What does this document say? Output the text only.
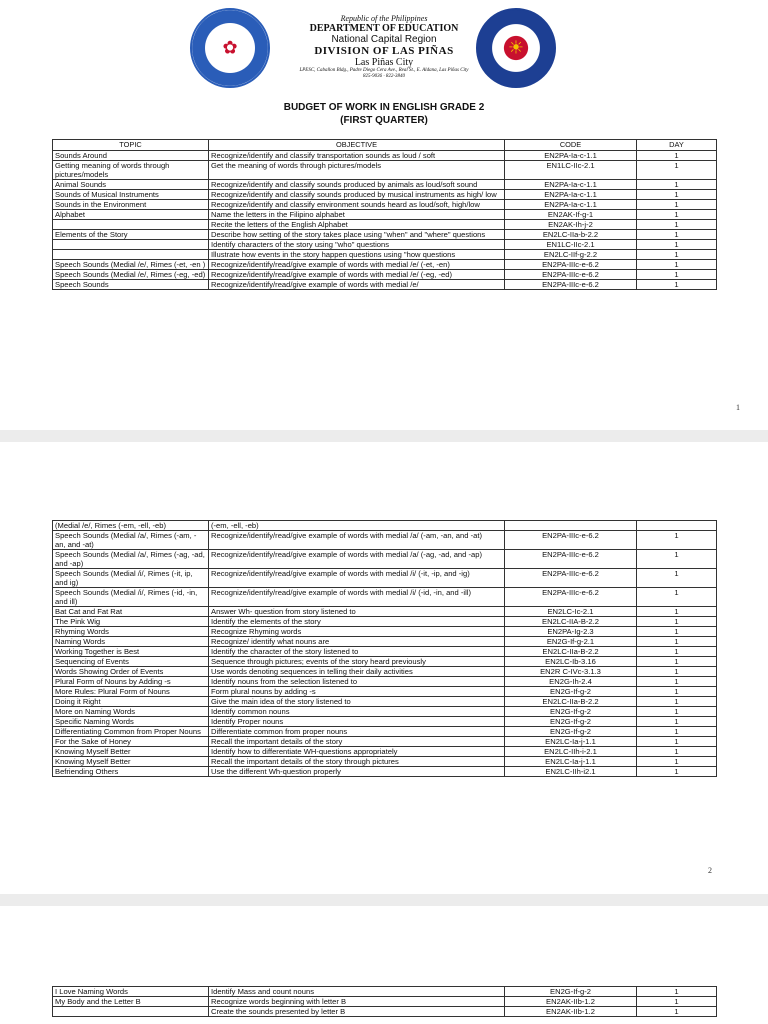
✿	☀
Republic of the Philippines
DEPARTMENT OF EDUCATION
National Capital Region
DIVISION OF LAS PIÑAS
Las Piñas City
LPESC, Caballon Bldg., Padre Diego Cera Ave., Real St., E. Aldana, Las Piñas City
825-9036 · 822-3840
BUDGET OF WORK IN ENGLISH GRADE 2
(FIRST QUARTER)
TOPIC	OBJECTIVE	CODE	DAY
Sounds Around	Recognize/identify and classify transportation sounds as loud / soft	EN2PA-Ia-c-1.1	1
Getting meaning of words through pictures/models	Get the meaning of words through pictures/models	EN1LC-IIc-2.1	1
Animal Sounds	Recognize/identify and classify sounds produced by animals as loud/soft sound	EN2PA-Ia-c-1.1	1
Sounds of Musical Instruments	Recognize/identify and classify sounds produced by musical instruments as high/ low	EN2PA-Ia-c-1.1	1
Sounds in the Environment	Recognize/identify and classify environment sounds heard as loud/soft, high/low	EN2PA-Ia-c-1.1	1
Alphabet	Name the letters in the Filipino alphabet	EN2AK-If-g-1	1
	Recite the letters of the English Alphabet	EN2AK-Ih-j-2	1
Elements of the Story	Describe how setting of the story takes place using "when" and "where" questions	EN2LC-IIa-b-2.2	1
	Identify characters of the story using "who" questions	EN1LC-IIc-2.1	1
	Illustrate how events in the story happen questions using "how questions	EN2LC-IIf-g-2.2	1
Speech Sounds (Medial /e/, Rimes (-et, -en )	Recognize/identify/read/give example of words with medial /e/ (-et, -en)	EN2PA-IIIc-e-6.2	1
Speech Sounds (Medial /e/, Rimes (-eg, -ed)	Recognize/identify/read/give example of words with medial /e/ (-eg, -ed)	EN2PA-IIIc-e-6.2	1
Speech Sounds	Recognize/identify/read/give example of words with medial /e/	EN2PA-IIIc-e-6.2	1
1
(Medial /e/, Rimes (-em, -ell, -eb)	(-em, -ell, -eb)		
Speech Sounds (Medial /a/, Rimes (-am, -an, and -at)	Recognize/identify/read/give example of words with medial /a/ (-am, -an, and -at)	EN2PA-IIIc-e-6.2	1
Speech Sounds (Medial /a/, Rimes (-ag, -ad, and -ap)	Recognize/identify/read/give example of words with medial /a/ (-ag, -ad, and -ap)	EN2PA-IIIc-e-6.2	1
Speech Sounds (Medial /i/, Rimes (-it, ip, and ig)	Recognize/identify/read/give example of words with medial /i/ (-it, -ip, and -ig)	EN2PA-IIIc-e-6.2	1
Speech Sounds (Medial /i/, Rimes (-id, -in, and ill)	Recognize/identify/read/give example of words with medial /i/ (-id, -in, and -ill)	EN2PA-IIIc-e-6.2	1
Bat Cat and Fat Rat	Answer Wh- question from story listened to	EN2LC-Ic-2.1	1
The Pink Wig	Identify the elements of the story	EN2LC-IIA-B-2.2	1
Rhyming Words	Recognize Rhyming words	EN2PA-Ig-2.3	1
Naming Words	Recognize/ identify what nouns are	EN2G-If-g-2.1	1
Working Together is Best	Identify the character of the story listened to	EN2LC-IIa-B-2.2	1
Sequencing of Events	Sequence through pictures; events of the story heard previously	EN2LC-Ib-3.16	1
Words Showing Order of Events	Use words denoting sequences in telling their daily activities	EN2R C-IVc-3.1.3	1
Plural Form of Nouns by Adding -s	Identify nouns from the selection listened to	EN2G-Ih-2.4	1
More Rules: Plural Form of Nouns	Form plural nouns by adding -s	EN2G-If-g-2	1
Doing it Right	Give the main idea of the story listened to	EN2LC-IIa-B-2.2	1
More on Naming Words	Identify common nouns	EN2G-If-g-2	1
Specific Naming Words	Identify Proper nouns	EN2G-If-g-2	1
Differentiating Common from Proper Nouns	Differentiate common from proper nouns	EN2G-If-g-2	1
For the Sake of Honey	Recall the important details of the story	EN2LC-Ia-j-1.1	1
Knowing Myself Better	Identify how to differentiate WH-questions appropriately	EN2LC-IIh-i-2.1	1
Knowing Myself Better	Recall the important details of the story through pictures	EN2LC-Ia-j-1.1	1
Befriending Others	Use the different Wh-question properly	EN2LC-IIh-i2.1	1
2
I Love Naming Words	Identify Mass and count nouns	EN2G-If-g-2	1
My Body and the Letter B	Recognize words beginning with letter B	EN2AK-IIb-1.2	1
	Create the sounds presented by letter B	EN2AK-IIb-1.2	1
